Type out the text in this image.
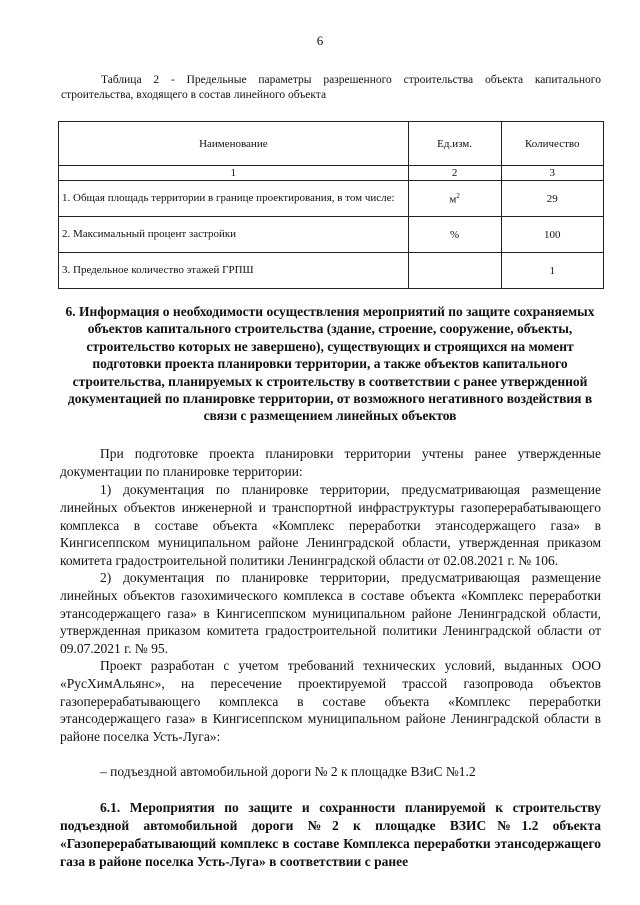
6
Таблица 2 - Предельные параметры разрешенного строительства объекта капитального строительства, входящего в состав линейного объекта
Наименование	Ед.изм.	Количество
1	2	3
1. Общая площадь территории в границе проектирования, в том числе:	$м^2$	29
2. Максимальный процент застройки	%	100
3. Предельное количество этажей ГРПШ		1

6. Информация о необходимости осуществления мероприятий по защите сохраняемых объектов капитального строительства (здание, строение, сооружение, объекты, строительство которых не завершено), существующих и строящихся на момент подготовки проекта планировки территории, а также объектов капитального строительства, планируемых к строительству в соответствии с ранее утвержденной документацией по планировке территории, от возможного негативного воздействия в связи с размещением линейных объектов

При подготовке проекта планировки территории учтены ранее утвержденные документации по планировке территории:

1) документация по планировке территории, предусматривающая размещение линейных объектов инженерной и транспортной инфраструктуры газоперерабатывающего комплекса в составе объекта «Комплекс переработки этансодержащего газа» в Кингисеппском муниципальном районе Ленинградской области, утвержденная приказом комитета градостроительной политики Ленинградской области от 02.08.2021 г. № 106.

2) документация по планировке территории, предусматривающая размещение линейных объектов газохимического комплекса в составе объекта «Комплекс переработки этансодержащего газа» в Кингисеппском муниципальном районе Ленинградской области, утвержденная приказом комитета градостроительной политики Ленинградской области от 09.07.2021 г. № 95.

Проект разработан с учетом требований технических условий, выданных ООО «РусХимАльянс», на пересечение проектируемой трассой газопровода объектов газоперерабатывающего комплекса в составе объекта «Комплекс переработки этансодержащего газа» в Кингисеппском муниципальном районе Ленинградской области в районе поселка Усть-Луга»:

– подъездной автомобильной дороги № 2 к площадке ВЗиС №1.2

6.1. Мероприятия по защите и сохранности планируемой к строительству подъездной автомобильной дороги №2 к площадке ВЗИС№1.2 объекта «Газоперерабатывающий комплекс в составе Комплекса переработки этансодержащего газа в районе поселка Усть-Луга» в соответствии с ранее
